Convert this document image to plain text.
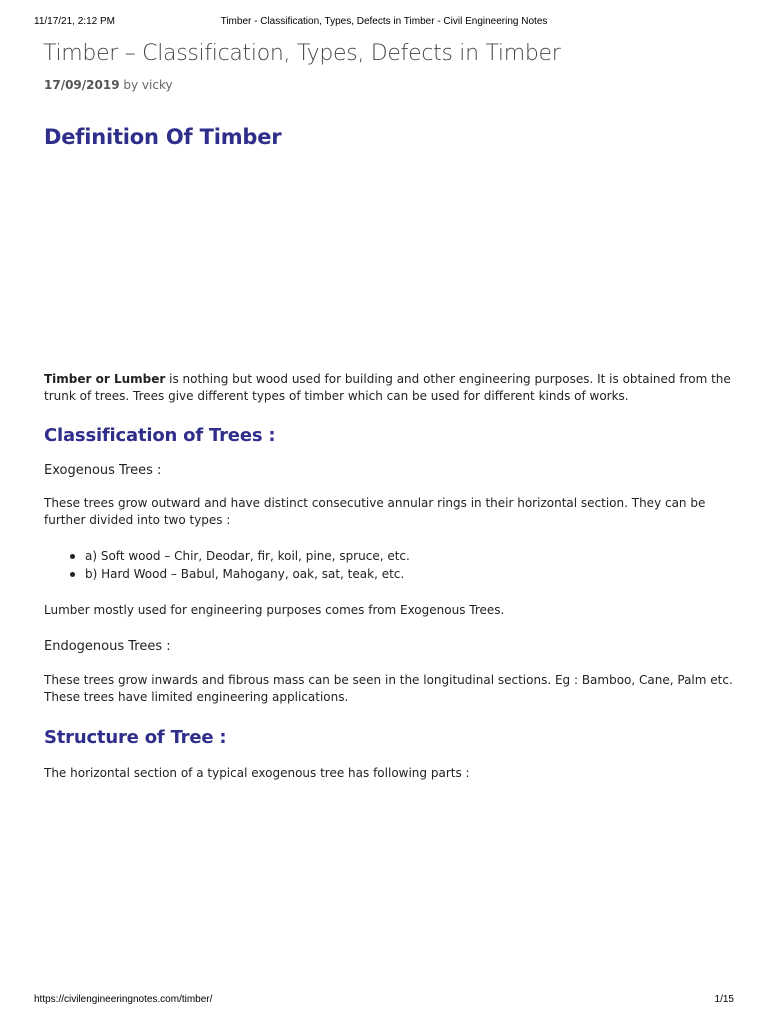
11/17/21, 2:12 PM	Timber - Classification, Types, Defects in Timber - Civil Engineering Notes
Timber – Classification, Types, Defects in Timber
17/09/2019 by vicky
Definition Of Timber

Timber or Lumber is nothing but wood used for building and other engineering purposes. It is obtained from the trunk of trees. Trees give different types of timber which can be used for different kinds of works.

Classification of Trees :
Exogenous Trees :

These trees grow outward and have distinct consecutive annular rings in their horizontal section. They can be further divided into two types :

a) Soft wood – Chir, Deodar, fir, koil, pine, spruce, etc.
b) Hard Wood – Babul, Mahogany, oak, sat, teak, etc.

Lumber mostly used for engineering purposes comes from Exogenous Trees.

Endogenous Trees :

These trees grow inwards and fibrous mass can be seen in the longitudinal sections. Eg : Bamboo, Cane, Palm etc. These trees have limited engineering applications.

Structure of Tree :

The horizontal section of a typical exogenous tree has following parts :

https://civilengineeringnotes.com/timber/	1/15
